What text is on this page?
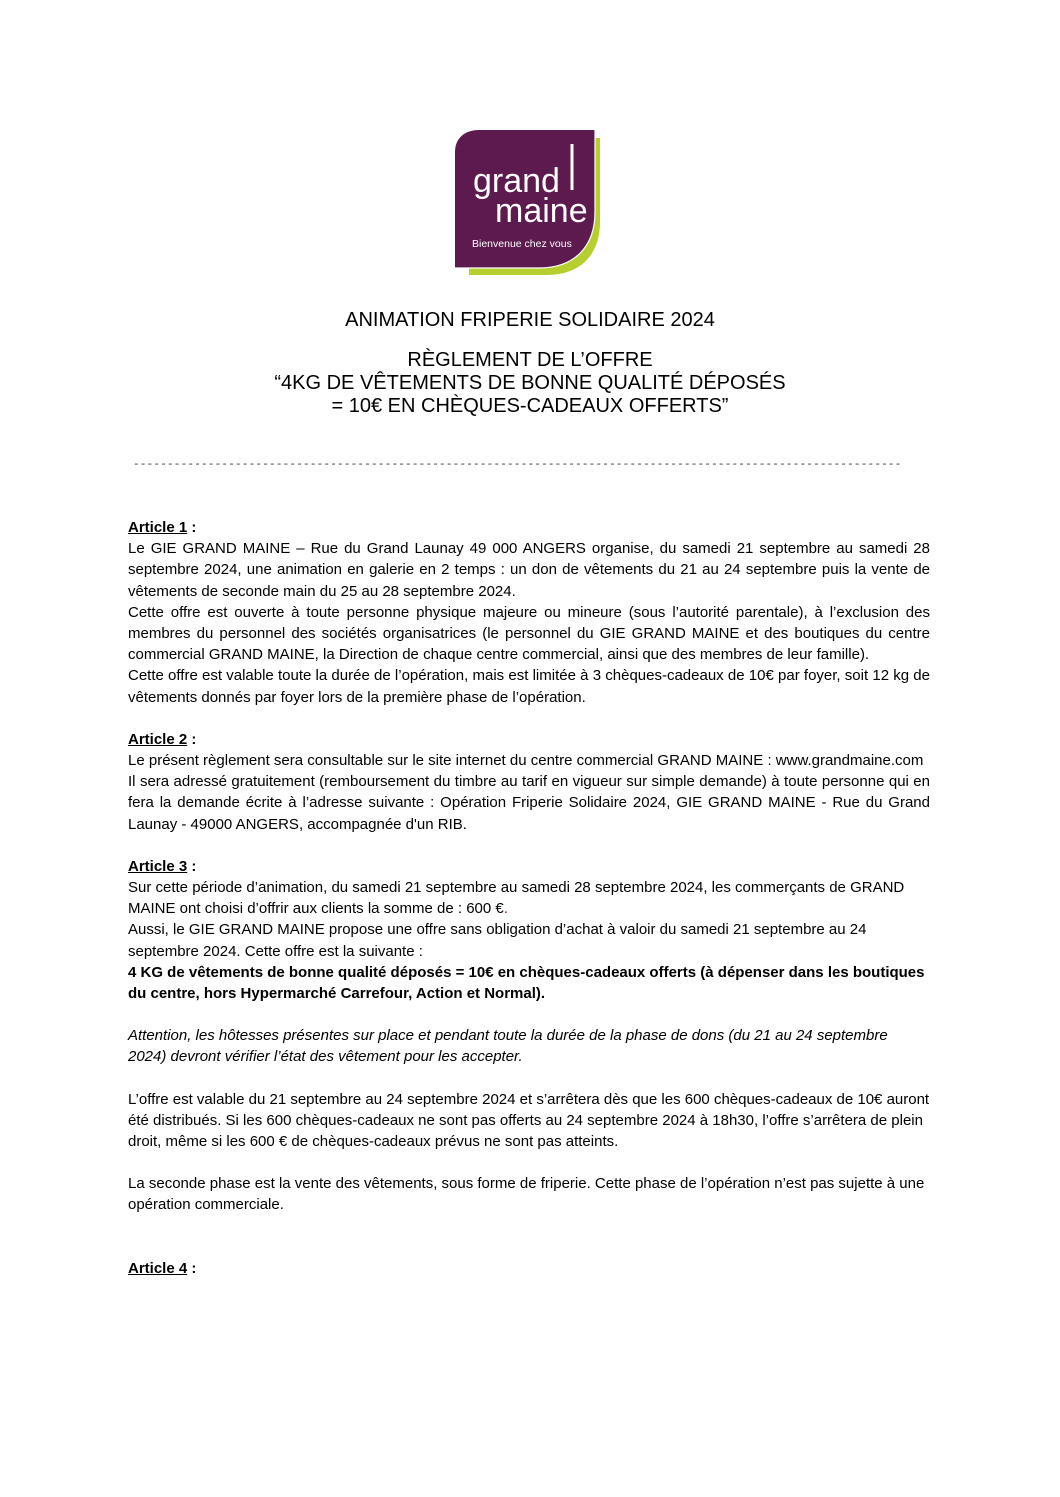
grand
maine
Bienvenue chez vous
ANIMATION FRIPERIE SOLIDAIRE 2024
RÈGLEMENT DE L’OFFRE
“4KG DE VÊTEMENTS DE BONNE QUALITÉ DÉPOSÉS
= 10€ EN CHÈQUES-CADEAUX OFFERTS”
-----------------------------------------------------------------------------------------------------------------
Article 1 :

Le GIE GRAND MAINE – Rue du Grand Launay 49 000 ANGERS organise, du samedi 21 septembre au samedi 28 septembre 2024, une animation en galerie en 2 temps : un don de vêtements du 21 au 24 septembre puis la vente de vêtements de seconde main du 25 au 28 septembre 2024.

Cette offre est ouverte à toute personne physique majeure ou mineure (sous l’autorité parentale), à l’exclusion des membres du personnel des sociétés organisatrices (le personnel du GIE GRAND MAINE et des boutiques du centre commercial GRAND MAINE, la Direction de chaque centre commercial, ainsi que des membres de leur famille).

Cette offre est valable toute la durée de l’opération, mais est limitée à 3 chèques-cadeaux de 10€ par foyer, soit 12 kg de vêtements donnés par foyer lors de la première phase de l’opération.

Article 2 :

Le présent règlement sera consultable sur le site internet du centre commercial GRAND MAINE : www.grandmaine.com

Il sera adressé gratuitement (remboursement du timbre au tarif en vigueur sur simple demande) à toute personne qui en fera la demande écrite à l’adresse suivante : Opération Friperie Solidaire 2024, GIE GRAND MAINE - Rue du Grand Launay - 49000 ANGERS, accompagnée d'un RIB.

Article 3 :

Sur cette période d’animation, du samedi 21 septembre au samedi 28 septembre 2024, les commerçants de GRAND MAINE ont choisi d’offrir aux clients la somme de : 600 €.

Aussi, le GIE GRAND MAINE propose une offre sans obligation d’achat à valoir du samedi 21 septembre au 24 septembre 2024. Cette offre est la suivante :

4 KG de vêtements de bonne qualité déposés = 10€ en chèques-cadeaux offerts (à dépenser dans les boutiques du centre, hors Hypermarché Carrefour, Action et Normal).

Attention, les hôtesses présentes sur place et pendant toute la durée de la phase de dons (du 21 au 24 septembre 2024) devront vérifier l’état des vêtement pour les accepter.

L’offre est valable du 21 septembre au 24 septembre 2024 et s’arrêtera dès que les 600 chèques-cadeaux de 10€ auront été distribués. Si les 600 chèques-cadeaux ne sont pas offerts au 24 septembre 2024 à 18h30, l’offre s’arrêtera de plein droit, même si les 600 € de chèques-cadeaux prévus ne sont pas atteints.

La seconde phase est la vente des vêtements, sous forme de friperie. Cette phase de l’opération n’est pas sujette à une opération commerciale.

Article 4 :
